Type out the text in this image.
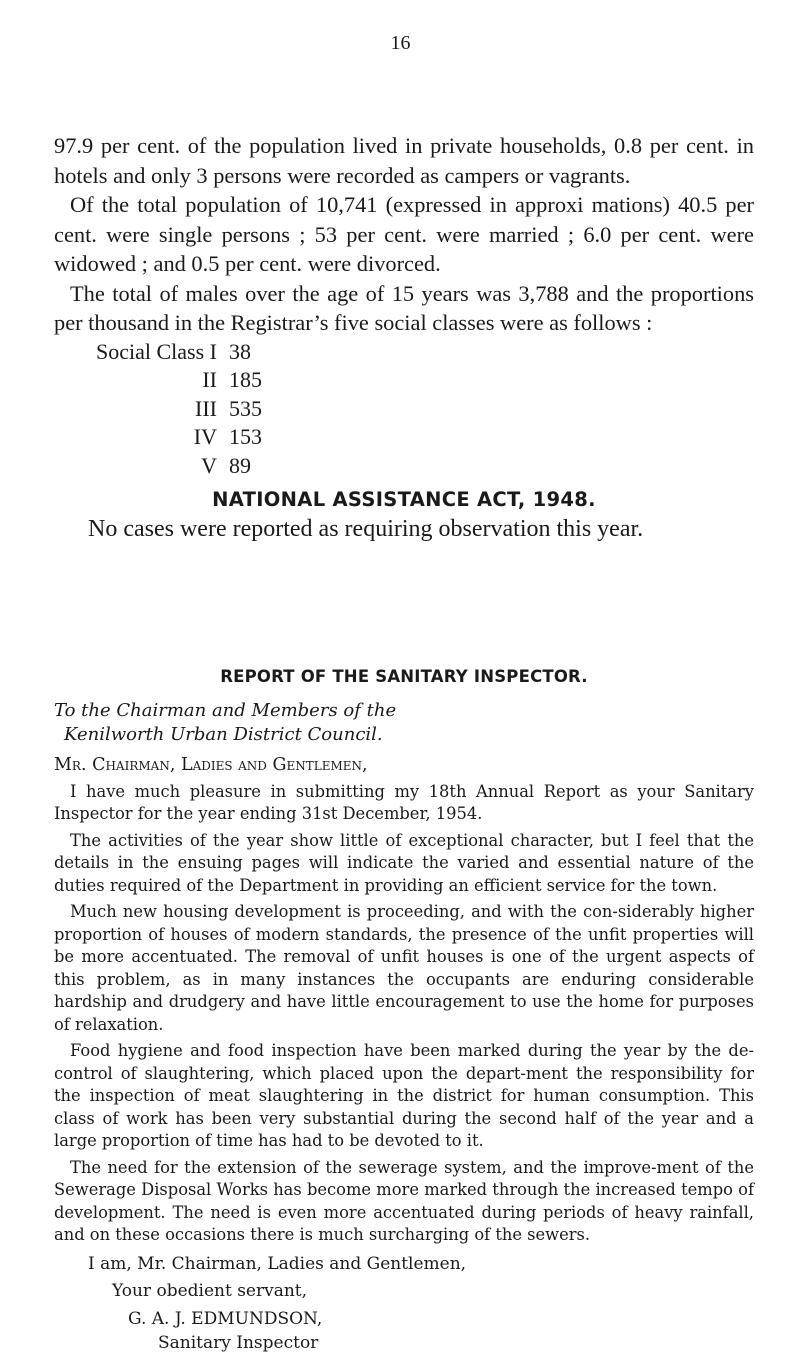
16

97.9 per cent. of the population lived in private households, 0.8 per cent. in hotels and only 3 persons were recorded as campers or vagrants.

Of the total population of 10,741 (expressed in approxi mations) 40.5 per cent. were single persons ; 53 per cent. were married ; 6.0 per cent. were widowed ; and 0.5 per cent. were divorced.

The total of males over the age of 15 years was 3,788 and the proportions per thousand in the Registrar’s five social classes were as follows :

Social Class I 38
II 185
III 535
IV 153
V 89
NATIONAL ASSISTANCE ACT, 1948.
No cases were reported as requiring observation this year.
REPORT OF THE SANITARY INSPECTOR.
To the Chairman and Members of the
Kenilworth Urban District Council.
Mr. Chairman, Ladies and Gentlemen,

I have much pleasure in submitting my 18th Annual Report as your Sanitary Inspector for the year ending 31st December, 1954.

The activities of the year show little of exceptional character, but I feel that the details in the ensuing pages will indicate the varied and essential nature of the duties required of the Department in providing an efficient service for the town.

Much new housing development is proceeding, and with the con-siderably higher proportion of houses of modern standards, the presence of the unfit properties will be more accentuated. The removal of unfit houses is one of the urgent aspects of this problem, as in many instances the occupants are enduring considerable hardship and drudgery and have little encouragement to use the home for purposes of relaxation.

Food hygiene and food inspection have been marked during the year by the de-control of slaughtering, which placed upon the depart-ment the responsibility for the inspection of meat slaughtering in the district for human consumption. This class of work has been very substantial during the second half of the year and a large proportion of time has had to be devoted to it.

The need for the extension of the sewerage system, and the improve-ment of the Sewerage Disposal Works has become more marked through the increased tempo of development. The need is even more accentuated during periods of heavy rainfall, and on these occasions there is much surcharging of the sewers.

I am, Mr. Chairman, Ladies and Gentlemen,

Your obedient servant,
G. A. J. EDMUNDSON,
Sanitary Inspector
